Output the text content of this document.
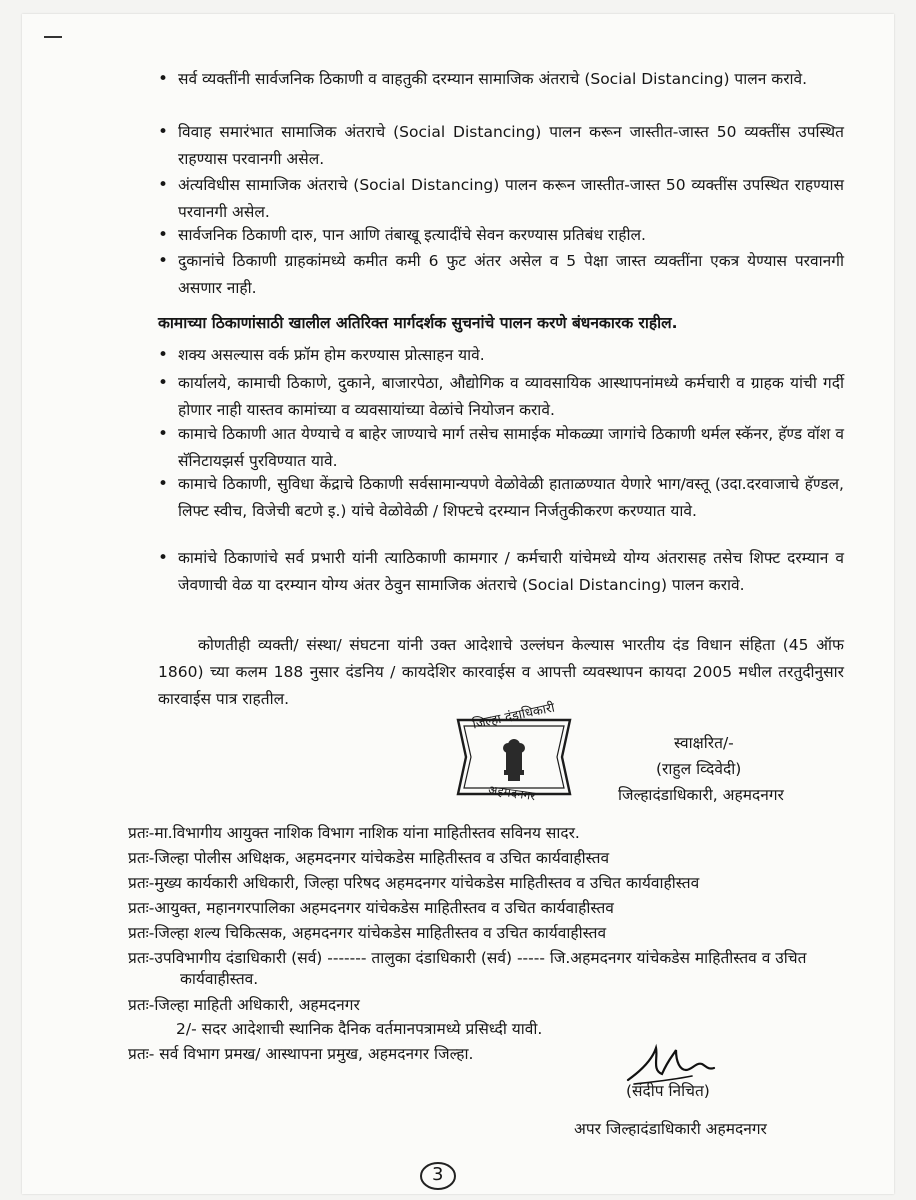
• सर्व व्यक्तींनी सार्वजनिक ठिकाणी व वाहतुकी दरम्यान सामाजिक अंतराचे (Social Distancing) पालन करावे.
• विवाह समारंभात सामाजिक अंतराचे (Social Distancing) पालन करून जास्तीत-जास्त 50 व्यक्तींस उपस्थित राहण्यास परवानगी असेल.
• अंत्यविधीस सामाजिक अंतराचे (Social Distancing) पालन करून जास्तीत-जास्त 50 व्यक्तींस उपस्थित राहण्यास परवानगी असेल.
• सार्वजनिक ठिकाणी दारु, पान आणि तंबाखू इत्यादींचे सेवन करण्यास प्रतिबंध राहील.
• दुकानांचे ठिकाणी ग्राहकांमध्ये कमीत कमी 6 फुट अंतर असेल व 5 पेक्षा जास्त व्यक्तींना एकत्र येण्यास परवानगी असणार नाही.
कामाच्या ठिकाणांसाठी खालील अतिरिक्त मार्गदर्शक सुचनांचे पालन करणे बंधनकारक राहील.
• शक्य असल्यास वर्क फ्रॉम होम करण्यास प्रोत्साहन यावे.
• कार्यालये, कामाची ठिकाणे, दुकाने, बाजारपेठा, औद्योगिक व व्यावसायिक आस्थापनांमध्ये कर्मचारी व ग्राहक यांची गर्दी होणार नाही यास्तव कामांच्या व व्यवसायांच्या वेळांचे नियोजन करावे.
• कामाचे ठिकाणी आत येण्याचे व बाहेर जाण्याचे मार्ग तसेच सामाईक मोकळ्या जागांचे ठिकाणी थर्मल स्कॅनर, हॅण्ड वॉश व सॅनिटायझर्स पुरविण्यात यावे.
• कामाचे ठिकाणी, सुविधा केंद्राचे ठिकाणी सर्वसामान्यपणे वेळोवेळी हाताळण्यात येणारे भाग/वस्तू (उदा.दरवाजाचे हॅण्डल, लिफ्ट स्वीच, विजेची बटणे इ.) यांचे वेळोवेळी / शिफ्टचे दरम्यान निर्जतुकीकरण करण्यात यावे.
• कामांचे ठिकाणांचे सर्व प्रभारी यांनी त्याठिकाणी कामगार / कर्मचारी यांचेमध्ये योग्य अंतरासह तसेच शिफ्ट दरम्यान व जेवणाची वेळ या दरम्यान योग्य अंतर ठेवुन सामाजिक अंतराचे (Social Distancing) पालन करावे.
कोणतीही व्यक्ती/ संस्था/ संघटना यांनी उक्त आदेशाचे उल्लंघन केल्यास भारतीय दंड विधान संहिता (45 ऑफ 1860) च्या कलम 188 नुसार दंडनिय / कायदेशिर कारवाईस व आपत्ती व्यवस्थापन कायदा 2005 मधील तरतुदीनुसार कारवाईस पात्र राहतील.
जिल्हा दंडाधिकारी
अहमदनगर
स्वाक्षरित/-
(राहुल व्दिवेदी)
जिल्हादंडाधिकारी, अहमदनगर
प्रतः-मा.विभागीय आयुक्त नाशिक विभाग नाशिक यांना माहितीस्तव सविनय सादर.
प्रतः-जिल्हा पोलीस अधिक्षक, अहमदनगर यांचेकडेस माहितीस्तव व उचित कार्यवाहीस्तव
प्रतः-मुख्य कार्यकारी अधिकारी, जिल्हा परिषद अहमदनगर यांचेकडेस माहितीस्तव व उचित कार्यवाहीस्तव
प्रतः-आयुक्त, महानगरपालिका अहमदनगर यांचेकडेस माहितीस्तव व उचित कार्यवाहीस्तव
प्रतः-जिल्हा शल्य चिकित्सक, अहमदनगर यांचेकडेस माहितीस्तव व उचित कार्यवाहीस्तव
प्रतः-उपविभागीय दंडाधिकारी (सर्व) ------- तालुका दंडाधिकारी (सर्व) ----- जि.अहमदनगर यांचेकडेस माहितीस्तव व उचित
कार्यवाहीस्तव.
प्रतः-जिल्हा माहिती अधिकारी, अहमदनगर
2/- सदर आदेशाची स्थानिक दैनिक वर्तमानपत्रामध्ये प्रसिध्दी यावी.
प्रतः- सर्व विभाग प्रमख/ आस्थापना प्रमुख, अहमदनगर जिल्हा.
(संदीप निचित)
अपर जिल्हादंडाधिकारी अहमदनगर
3
